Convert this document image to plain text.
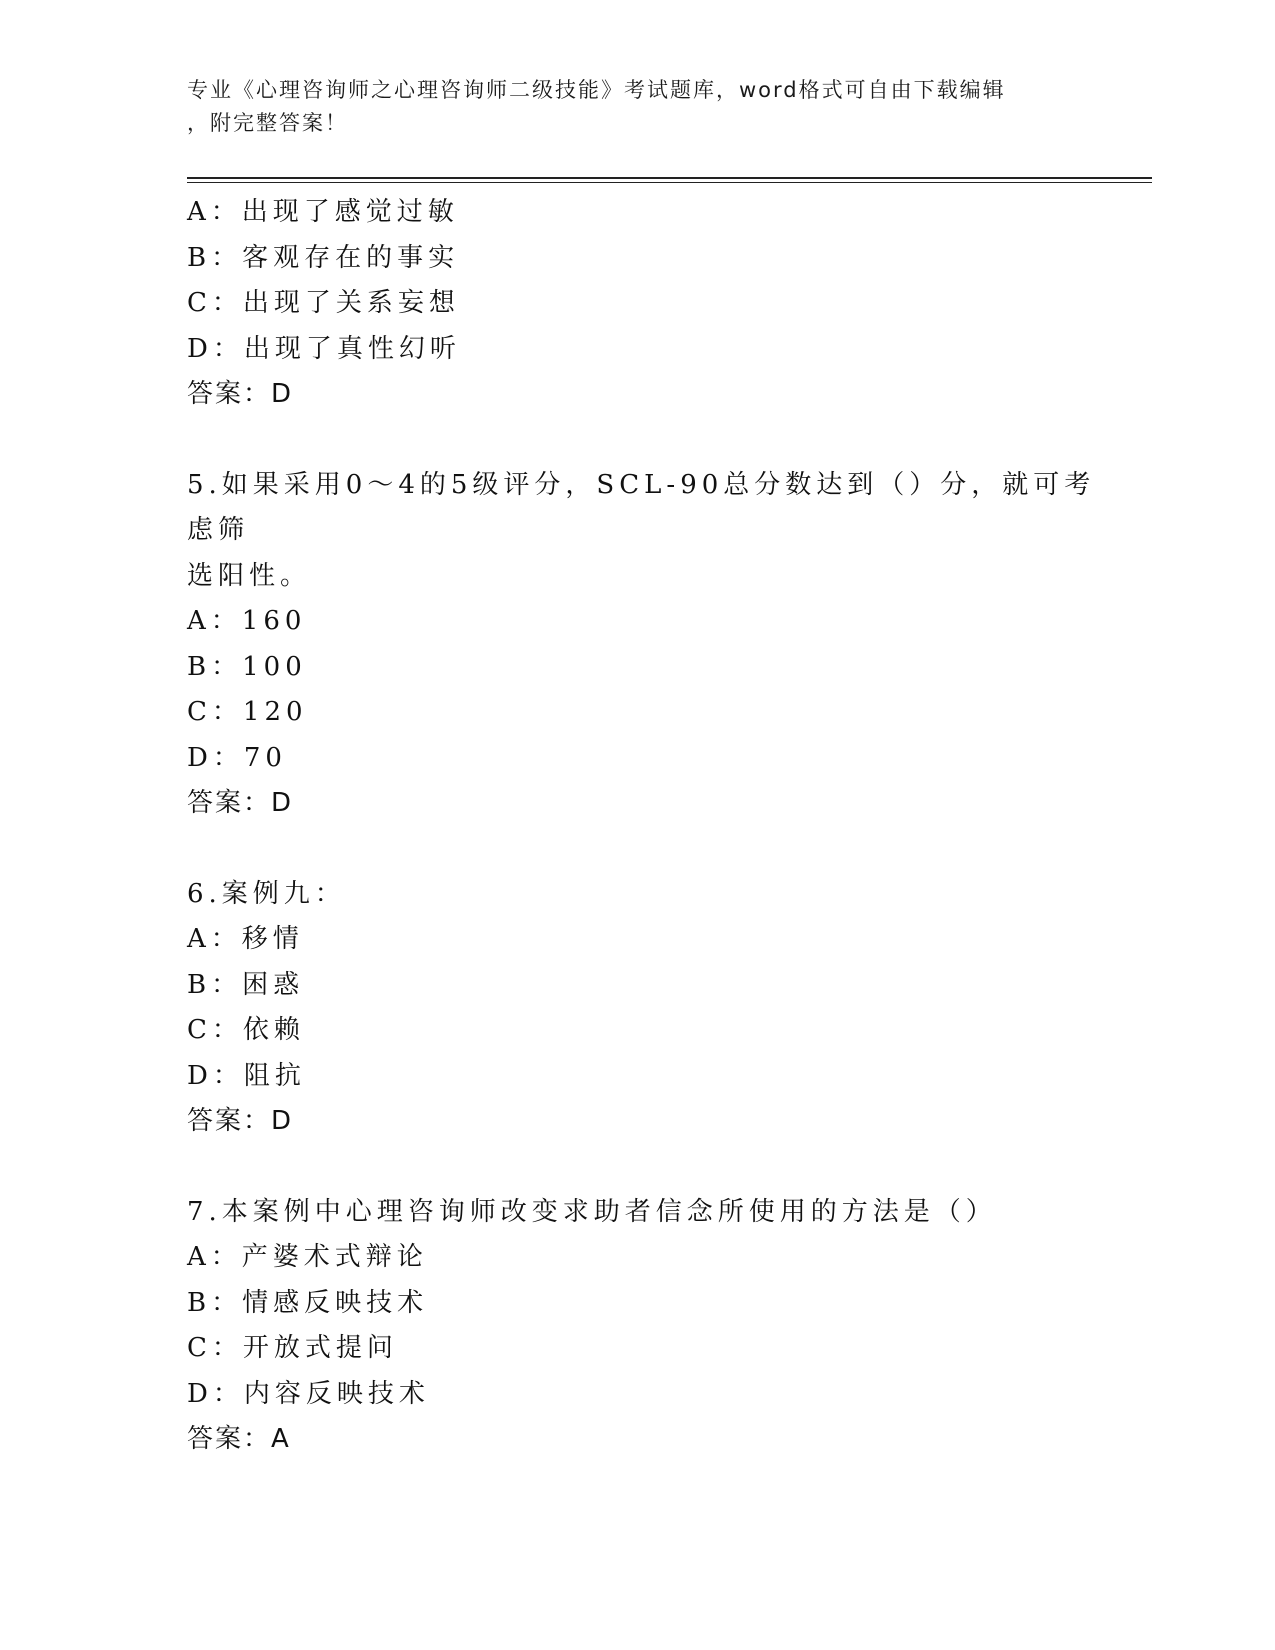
专业《心理咨询师之心理咨询师二级技能》考试题库，word格式可自由下载编辑
，附完整答案！
A：出现了感觉过敏
B：客观存在的事实
C：出现了关系妄想
D：出现了真性幻听
答案：D
5.如果采用0～4的5级评分，SCL-90总分数达到（）分，就可考虑筛
选阳性。
A：160
B：100
C：120
D：70
答案：D
6.案例九：
A：移情
B：困惑
C：依赖
D：阻抗
答案：D
7.本案例中心理咨询师改变求助者信念所使用的方法是（）
A：产婆术式辩论
B：情感反映技术
C：开放式提问
D：内容反映技术
答案：A
